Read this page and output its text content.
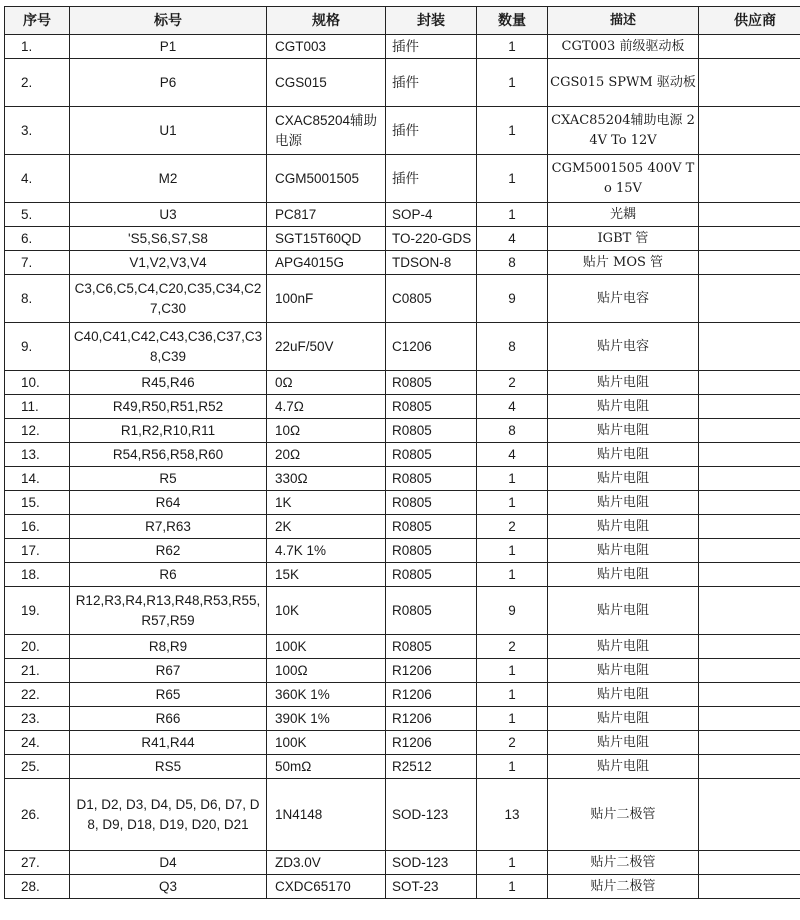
序号	标号	规格	封装	数量	描述	供应商
1.	P1	CGT003	插件	1	CGT003 前级驱动板	
2.	P6	CGS015	插件	1	CGS015 SPWM 驱动板	
3.	U1	CXAC85204辅助电源	插件	1	CXAC85204辅助电源 24V To 12V	
4.	M2	CGM5001505	插件	1	CGM5001505 400V To 15V	
5.	U3	PC817	SOP-4	1	光耦	
6.	'S5,S6,S7,S8	SGT15T60QD	TO-220-GDS	4	IGBT 管	
7.	V1,V2,V3,V4	APG4015G	TDSON-8	8	贴片 MOS 管	
8.	C3,C6,C5,C4,C20,C35,C34,C27,C30	100nF	C0805	9	贴片电容	
9.	C40,C41,C42,C43,C36,C37,C38,C39	22uF/50V	C1206	8	贴片电容	
10.	R45,R46	0Ω	R0805	2	贴片电阻	
11.	R49,R50,R51,R52	4.7Ω	R0805	4	贴片电阻	
12.	R1,R2,R10,R11	10Ω	R0805	8	贴片电阻	
13.	R54,R56,R58,R60	20Ω	R0805	4	贴片电阻	
14.	R5	330Ω	R0805	1	贴片电阻	
15.	R64	1K	R0805	1	贴片电阻	
16.	R7,R63	2K	R0805	2	贴片电阻	
17.	R62	4.7K 1%	R0805	1	贴片电阻	
18.	R6	15K	R0805	1	贴片电阻	
19.	R12,R3,R4,R13,R48,R53,R55,R57,R59	10K	R0805	9	贴片电阻	
20.	R8,R9	100K	R0805	2	贴片电阻	
21.	R67	100Ω	R1206	1	贴片电阻	
22.	R65	360K 1%	R1206	1	贴片电阻	
23.	R66	390K 1%	R1206	1	贴片电阻	
24.	R41,R44	100K	R1206	2	贴片电阻	
25.	RS5	50mΩ	R2512	1	贴片电阻	
26.	D1, D2, D3, D4, D5, D6, D7, D8, D9, D18, D19, D20, D21	1N4148	SOD-123	13	贴片二极管	
27.	D4	ZD3.0V	SOD-123	1	贴片二极管	
28.	Q3	CXDC65170	SOT-23	1	贴片二极管	
